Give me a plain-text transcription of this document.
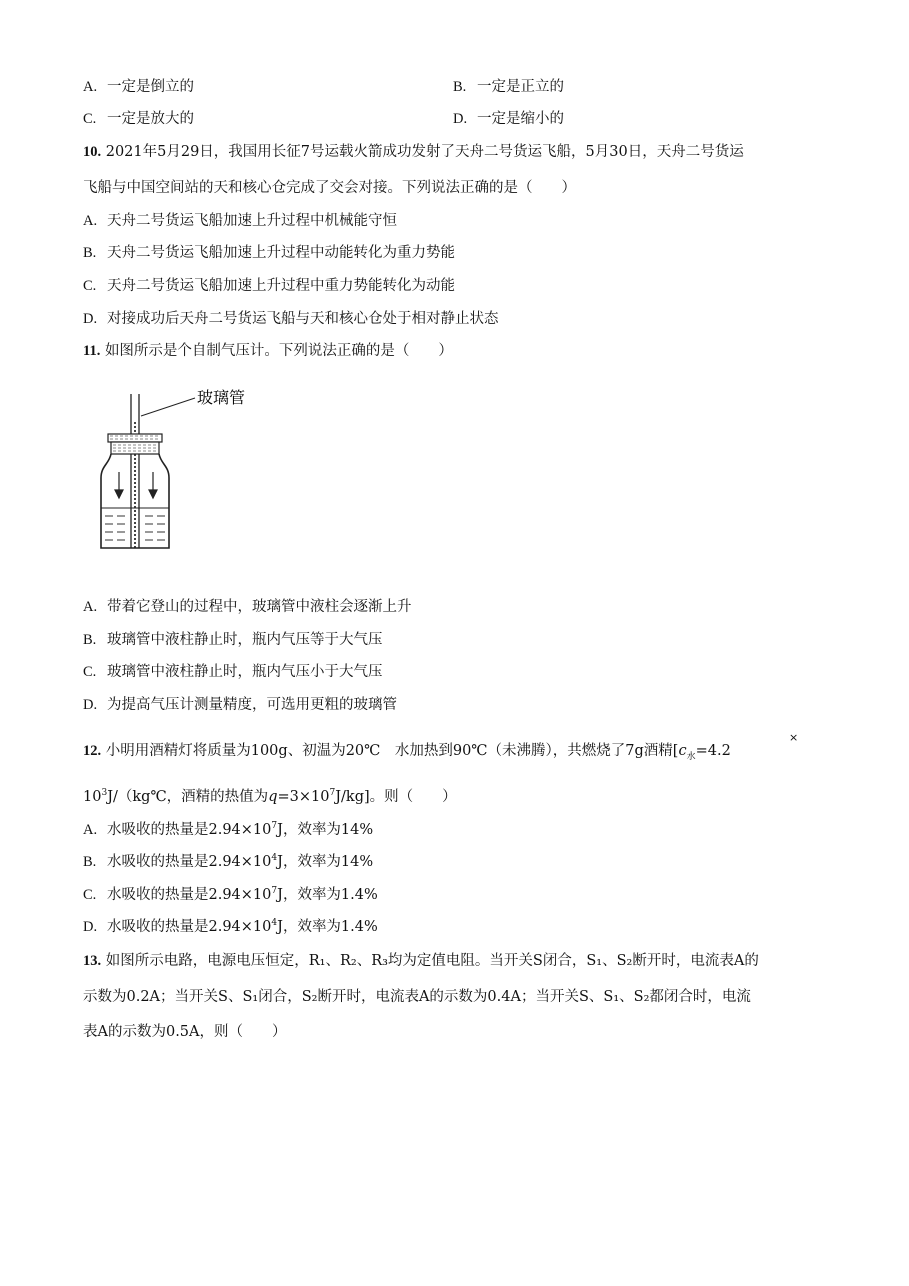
A. 一定是倒立的	B. 一定是正立的
C. 一定是放大的	D. 一定是缩小的
10. 2021年5月29日，我国用长征7号运载火箭成功发射了天舟二号货运飞船，5月30日，天舟二号货运
飞船与中国空间站的天和核心仓完成了交会对接。下列说法正确的是（　　）
A. 天舟二号货运飞船加速上升过程中机械能守恒
B. 天舟二号货运飞船加速上升过程中动能转化为重力势能
C. 天舟二号货运飞船加速上升过程中重力势能转化为动能
D. 对接成功后天舟二号货运飞船与天和核心仓处于相对静止状态
11. 如图所示是个自制气压计。下列说法正确的是（　　）
玻璃管
A. 带着它登山的过程中，玻璃管中液柱会逐渐上升
B. 玻璃管中液柱静止时，瓶内气压等于大气压
C. 玻璃管中液柱静止时，瓶内气压小于大气压
D. 为提高气压计测量精度，可选用更粗的玻璃管
12. 小明用酒精灯将质量为100g、初温为20℃　水加热到90℃（未沸腾），共燃烧了7g酒精[$c_水=4.2$
×
$10^3J/(kg℃$，酒精的热值为$q=3\times 10^7J/kg$]。则（　　）
A. 水吸收的热量是$2.94\times 10^7J$，效率为14%
B. 水吸收的热量是$2.94\times 10^4J$，效率为14%
C. 水吸收的热量是$2.94\times 10^7J$，效率为1.4%
D. 水吸收的热量是$2.94\times 10^4J$，效率为1.4%
13. 如图所示电路，电源电压恒定，R₁、R₂、R₃均为定值电阻。当开关S闭合，S₁、S₂断开时，电流表A的
示数为0.2A；当开关S、S₁闭合，S₂断开时，电流表A的示数为0.4A；当开关S、S₁、S₂都闭合时，电流
表A的示数为0.5A，则（　　）
